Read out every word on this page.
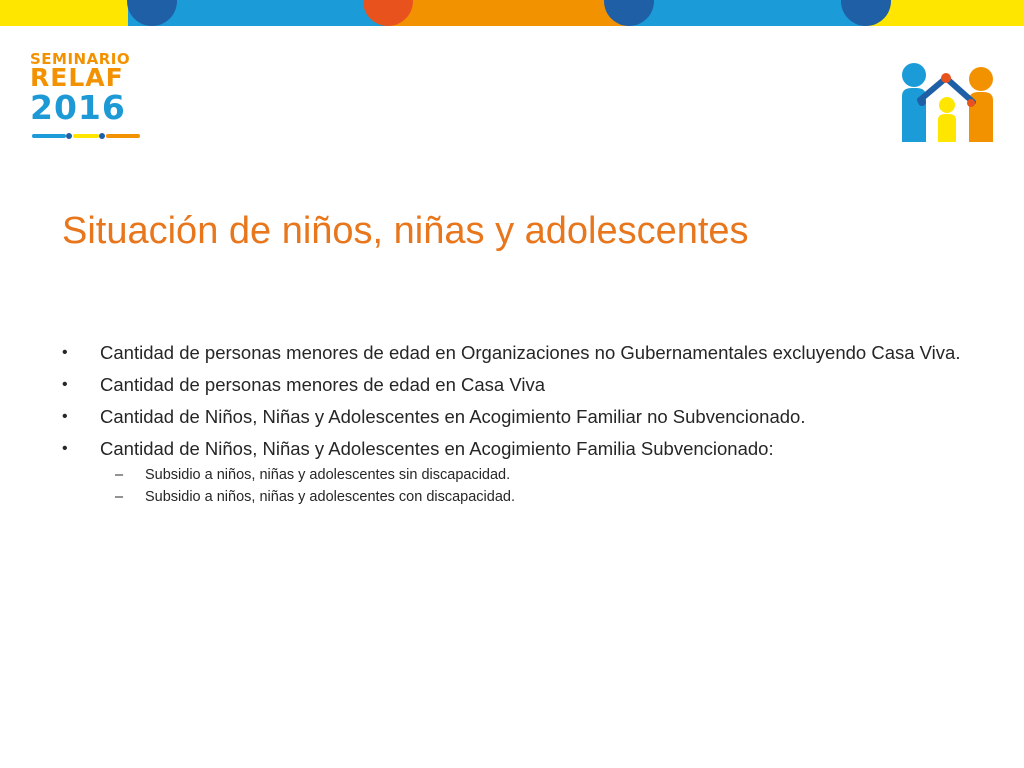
SEMINARIO
RELAF
2016
Situación de niños, niñas y adolescentes
• Cantidad de personas menores de edad en Organizaciones no Gubernamentales excluyendo Casa Viva.
• Cantidad de personas menores de edad en Casa Viva
• Cantidad de Niños, Niñas y Adolescentes en Acogimiento Familiar no Subvencionado.
• Cantidad de Niños, Niñas y Adolescentes en Acogimiento Familia Subvencionado:
– Subsidio a niños, niñas y adolescentes sin discapacidad.
– Subsidio a niños, niñas y adolescentes con discapacidad.
